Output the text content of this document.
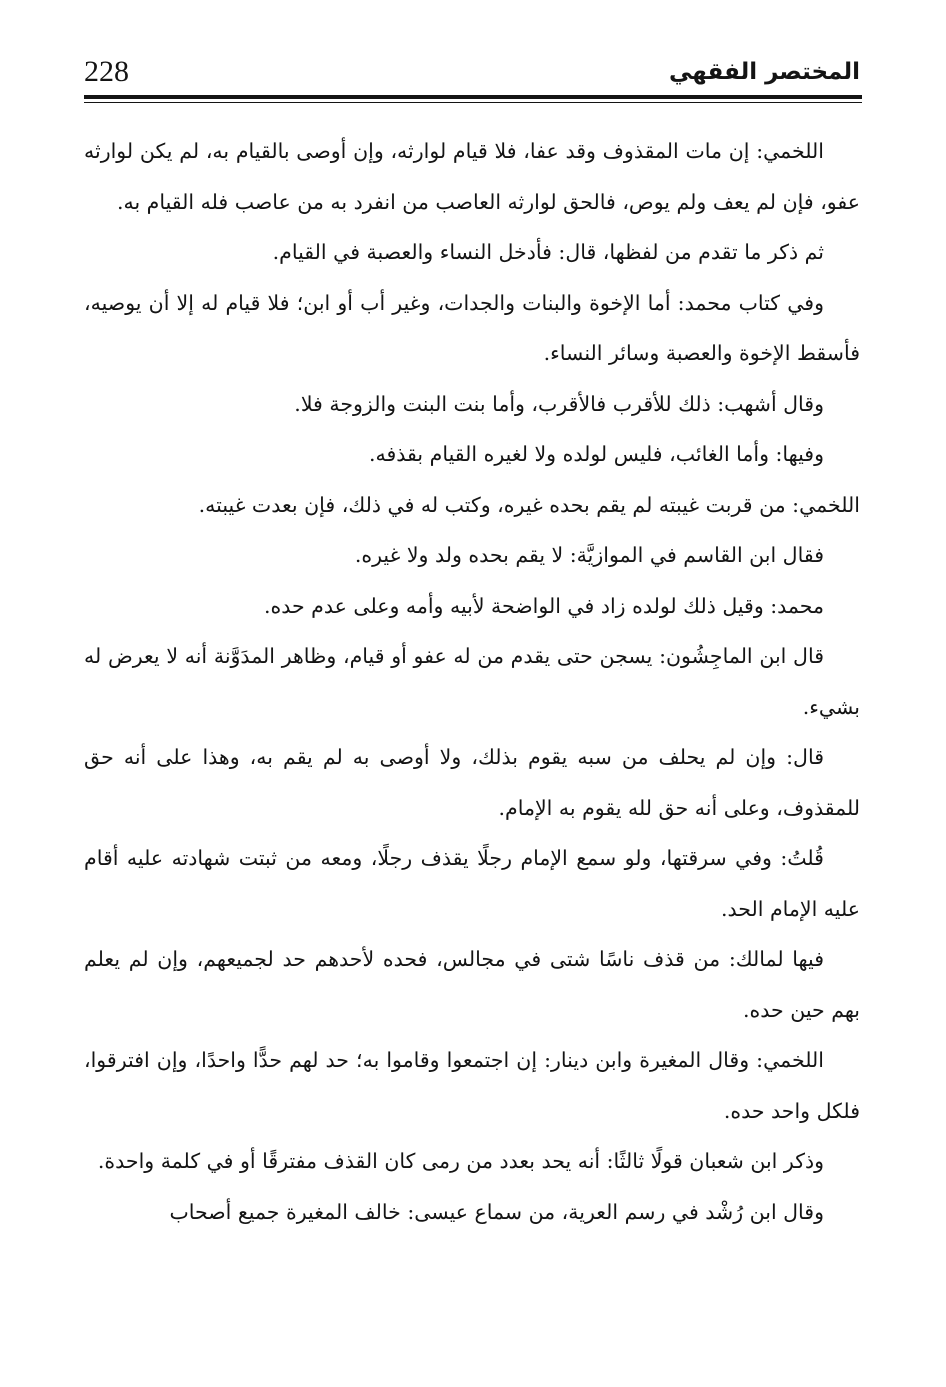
228	المختصر الفقهي

اللخمي: إن مات المقذوف وقد عفا، فلا قيام لوارثه، وإن أوصى بالقيام به، لم يكن لوارثه عفو، فإن لم يعف ولم يوص، فالحق لوارثه العاصب من انفرد به من عاصب فله القيام به.

ثم ذكر ما تقدم من لفظها، قال: فأدخل النساء والعصبة في القيام.

وفي كتاب محمد: أما الإخوة والبنات والجدات، وغير أب أو ابن؛ فلا قيام له إلا أن يوصيه، فأسقط الإخوة والعصبة وسائر النساء.

وقال أشهب: ذلك للأقرب فالأقرب، وأما بنت البنت والزوجة فلا.

وفيها: وأما الغائب، فليس لولده ولا لغيره القيام بقذفه.

اللخمي: من قربت غيبته لم يقم بحده غيره، وكتب له في ذلك، فإن بعدت غيبته.

فقال ابن القاسم في الموازيَّة: لا يقم بحده ولد ولا غيره.

محمد: وقيل ذلك لولده زاد في الواضحة لأبيه وأمه وعلى عدم حده.

قال ابن الماجِشُون: يسجن حتى يقدم من له عفو أو قيام، وظاهر المدَوَّنة أنه لا يعرض له بشيء.

قال: وإن لم يحلف من سبه يقوم بذلك، ولا أوصى به لم يقم به، وهذا على أنه حق للمقذوف، وعلى أنه حق لله يقوم به الإمام.

قُلتُ: وفي سرقتها، ولو سمع الإمام رجلًا يقذف رجلًا، ومعه من ثبتت شهادته عليه أقام عليه الإمام الحد.

فيها لمالك: من قذف ناسًا شتى في مجالس، فحده لأحدهم حد لجميعهم، وإن لم يعلم بهم حين حده.

اللخمي: وقال المغيرة وابن دينار: إن اجتمعوا وقاموا به؛ حد لهم حدًّا واحدًا، وإن افترقوا، فلكل واحد حده.

وذكر ابن شعبان قولًا ثالثًا: أنه يحد بعدد من رمى كان القذف مفترقًا أو في كلمة واحدة.

وقال ابن رُشْد في رسم العرية، من سماع عيسى: خالف المغيرة جميع أصحاب
